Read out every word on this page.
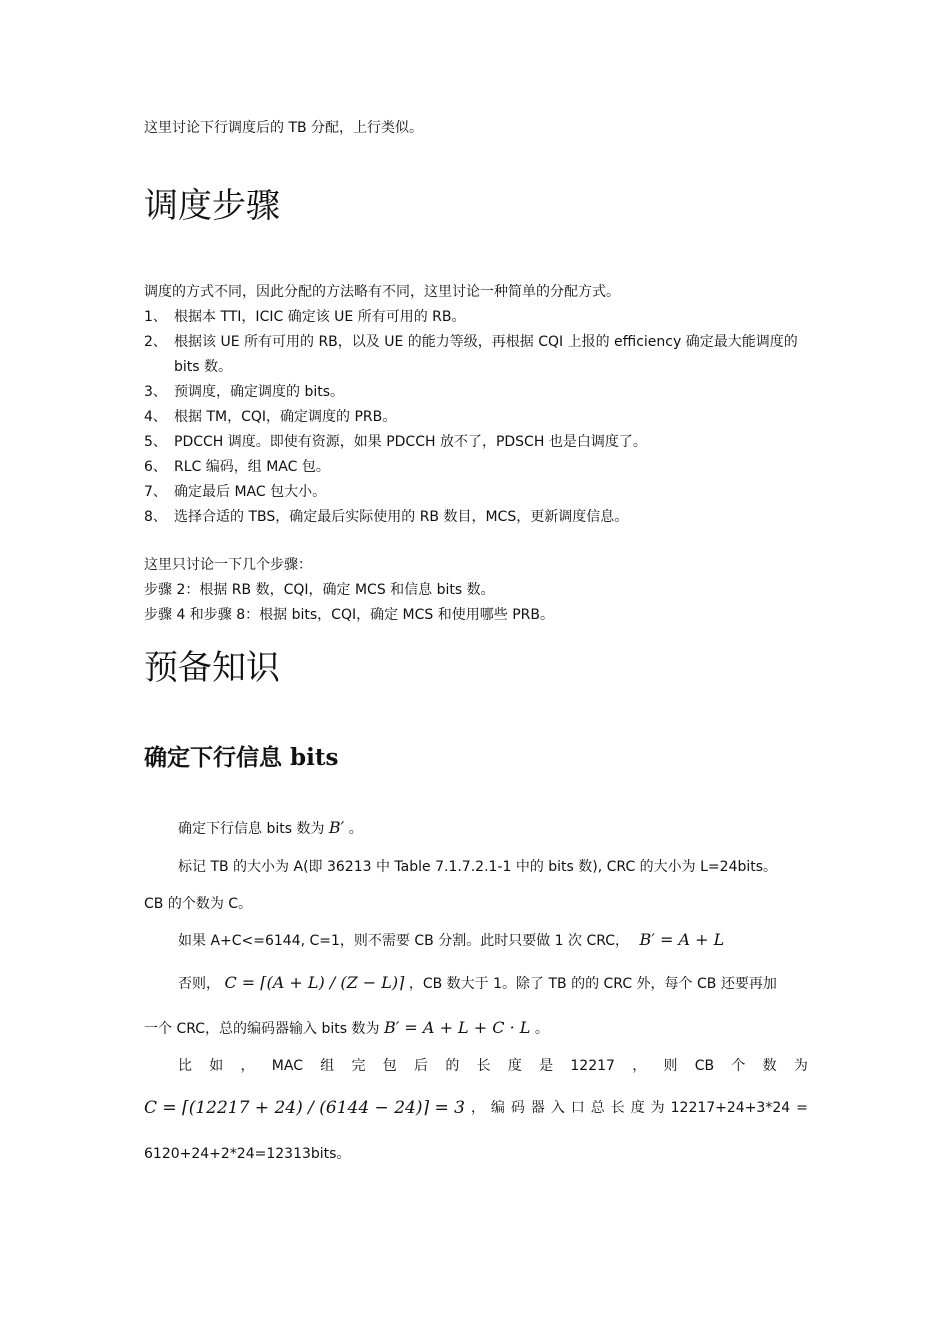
这里讨论下行调度后的 TB 分配，上行类似。
调度步骤
调度的方式不同，因此分配的方法略有不同，这里讨论一种简单的分配方式。
1、 根据本 TTI，ICIC 确定该 UE 所有可用的 RB。
2、 根据该 UE 所有可用的 RB，以及 UE 的能力等级，再根据 CQI 上报的 efficiency 确定最大能调度的 bits 数。
3、 预调度，确定调度的 bits。
4、 根据 TM，CQI，确定调度的 PRB。
5、 PDCCH 调度。即使有资源，如果 PDCCH 放不了，PDSCH 也是白调度了。
6、 RLC 编码，组 MAC 包。
7、 确定最后 MAC 包大小。
8、 选择合适的 TBS，确定最后实际使用的 RB 数目，MCS，更新调度信息。
这里只讨论一下几个步骤：
步骤 2：根据 RB 数，CQI，确定 MCS 和信息 bits 数。
步骤 4 和步骤 8：根据 bits，CQI，确定 MCS 和使用哪些 PRB。
预备知识
确定下行信息 bits
确定下行信息 bits 数为 B′ 。
标记 TB 的大小为 A(即 36213 中 Table 7.1.7.2.1-1 中的 bits 数), CRC 的大小为 L=24bits。
CB 的个数为 C。
如果 A+C<=6144, C=1，则不需要 CB 分割。此时只要做 1 次 CRC， B′ = A + L
否则， C = ⌈(A + L) / (Z − L)⌉ ，CB 数大于 1。除了 TB 的的 CRC 外，每个 CB 还要再加
一个 CRC，总的编码器输入 bits 数为 B′ = A + L + C · L 。
比 如 ， MAC 组 完 包 后 的 长 度 是 12217 ， 则 CB 个 数 为
C = ⌈(12217 + 24) / (6144 − 24)⌉ = 3 ， 编 码 器 入 口 总 长 度 为 12217+24+3*24 =
6120+24+2*24=12313bits。
